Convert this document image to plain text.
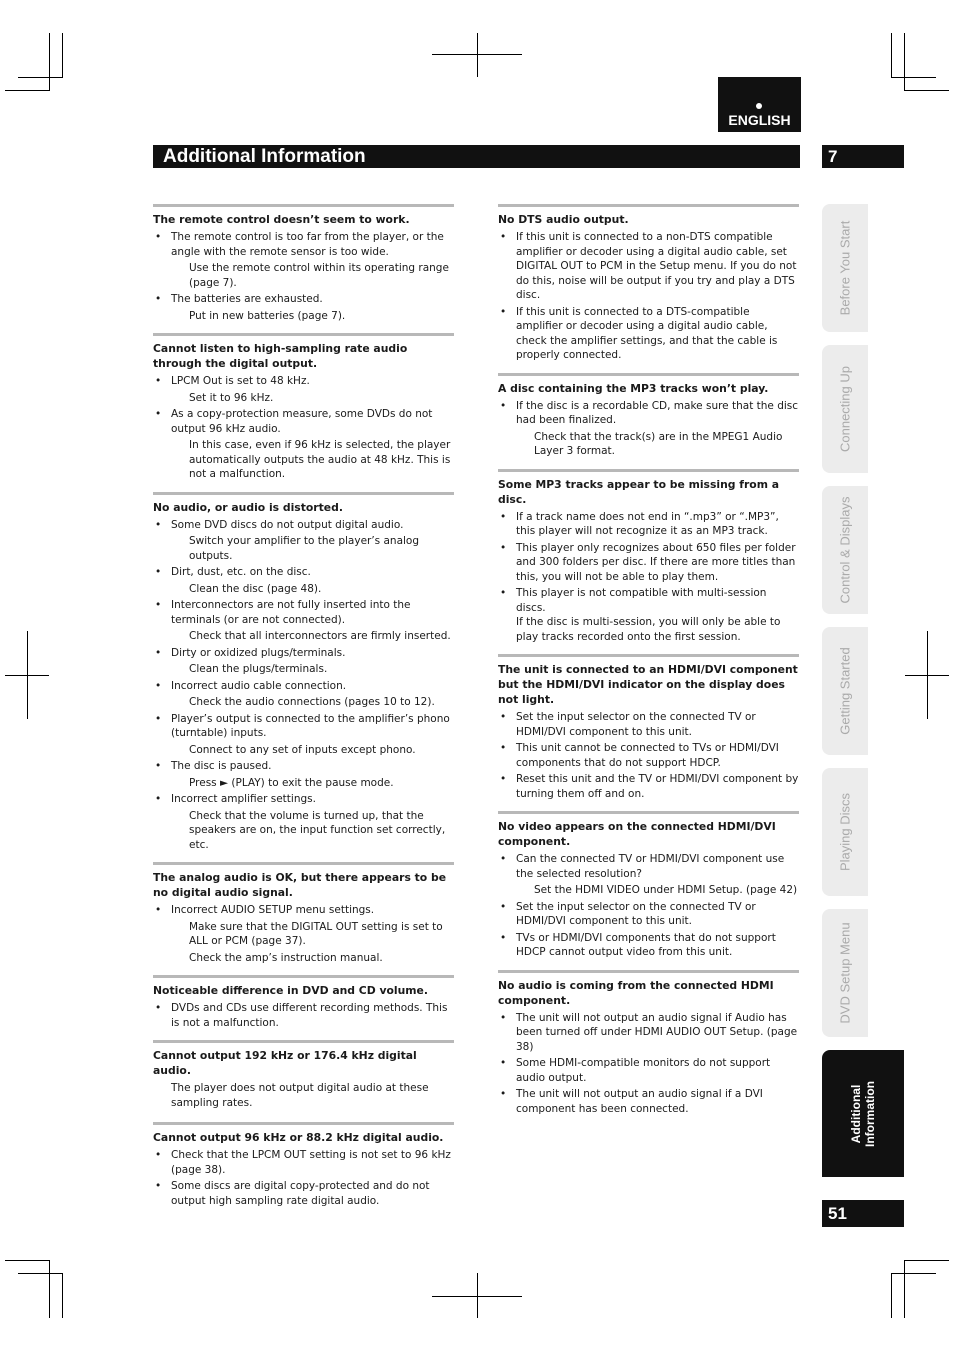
ENGLISH
Additional Information	7
The remote control doesn’t seem to work.
• The remote control is too far from the player, or the angle with the remote sensor is too wide.
Use the remote control within its operating range (page 7).
• The batteries are exhausted.
Put in new batteries (page 7).
Cannot listen to high-sampling rate audio through the digital output.
• LPCM Out is set to 48 kHz.
Set it to 96 kHz.
• As a copy-protection measure, some DVDs do not output 96 kHz audio.
In this case, even if 96 kHz is selected, the player automatically outputs the audio at 48 kHz. This is not a malfunction.
No audio, or audio is distorted.
• Some DVD discs do not output digital audio.
Switch your amplifier to the player’s analog outputs.
• Dirt, dust, etc. on the disc.
Clean the disc (page 48).
• Interconnectors are not fully inserted into the terminals (or are not connected).
Check that all interconnectors are firmly inserted.
• Dirty or oxidized plugs/terminals.
Clean the plugs/terminals.
• Incorrect audio cable connection.
Check the audio connections (pages 10 to 12).
• Player’s output is connected to the amplifier’s phono (turntable) inputs.
Connect to any set of inputs except phono.
• The disc is paused.
Press ► (PLAY) to exit the pause mode.
• Incorrect amplifier settings.
Check that the volume is turned up, that the speakers are on, the input function set correctly, etc.
The analog audio is OK, but there appears to be no digital audio signal.
• Incorrect AUDIO SETUP menu settings.
Make sure that the DIGITAL OUT setting is set to ALL or PCM (page 37).
Check the amp’s instruction manual.
Noticeable difference in DVD and CD volume.
• DVDs and CDs use different recording methods. This is not a malfunction.
Cannot output 192 kHz or 176.4 kHz digital audio.
The player does not output digital audio at these sampling rates.
Cannot output 96 kHz or 88.2 kHz digital audio.
• Check that the LPCM OUT setting is not set to 96 kHz (page 38).
• Some discs are digital copy-protected and do not output high sampling rate digital audio.
No DTS audio output.
• If this unit is connected to a non-DTS compatible amplifier or decoder using a digital audio cable, set DIGITAL OUT to PCM in the Setup menu. If you do not do this, noise will be output if you try and play a DTS disc.
• If this unit is connected to a DTS-compatible amplifier or decoder using a digital audio cable, check the amplifier settings, and that the cable is properly connected.
A disc containing the MP3 tracks won’t play.
• If the disc is a recordable CD, make sure that the disc had been finalized.
Check that the track(s) are in the MPEG1 Audio Layer 3 format.
Some MP3 tracks appear to be missing from a disc.
• If a track name does not end in “.mp3” or “.MP3”, this player will not recognize it as an MP3 track.
• This player only recognizes about 650 files per folder and 300 folders per disc. If there are more titles than this, you will not be able to play them.
• This player is not compatible with multi-session discs.
If the disc is multi-session, you will only be able to play tracks recorded onto the first session.
The unit is connected to an HDMI/DVI component but the HDMI/DVI indicator on the display does not light.
• Set the input selector on the connected TV or HDMI/DVI component to this unit.
• This unit cannot be connected to TVs or HDMI/DVI components that do not support HDCP.
• Reset this unit and the TV or HDMI/DVI component by turning them off and on.
No video appears on the connected HDMI/DVI component.
• Can the connected TV or HDMI/DVI component use the selected resolution?
Set the HDMI VIDEO under HDMI Setup. (page 42)
• Set the input selector on the connected TV or HDMI/DVI component to this unit.
• TVs or HDMI/DVI components that do not support HDCP cannot output video from this unit.
No audio is coming from the connected HDMI component.
• The unit will not output an audio signal if Audio has been turned off under HDMI AUDIO OUT Setup. (page 38)
• Some HDMI-compatible monitors do not support audio output.
• The unit will not output an audio signal if a DVI component has been connected.
Before You Start
Connecting Up
Control & Displays
Getting Started
Playing Discs
DVD Setup Menu
Additional Information
51
